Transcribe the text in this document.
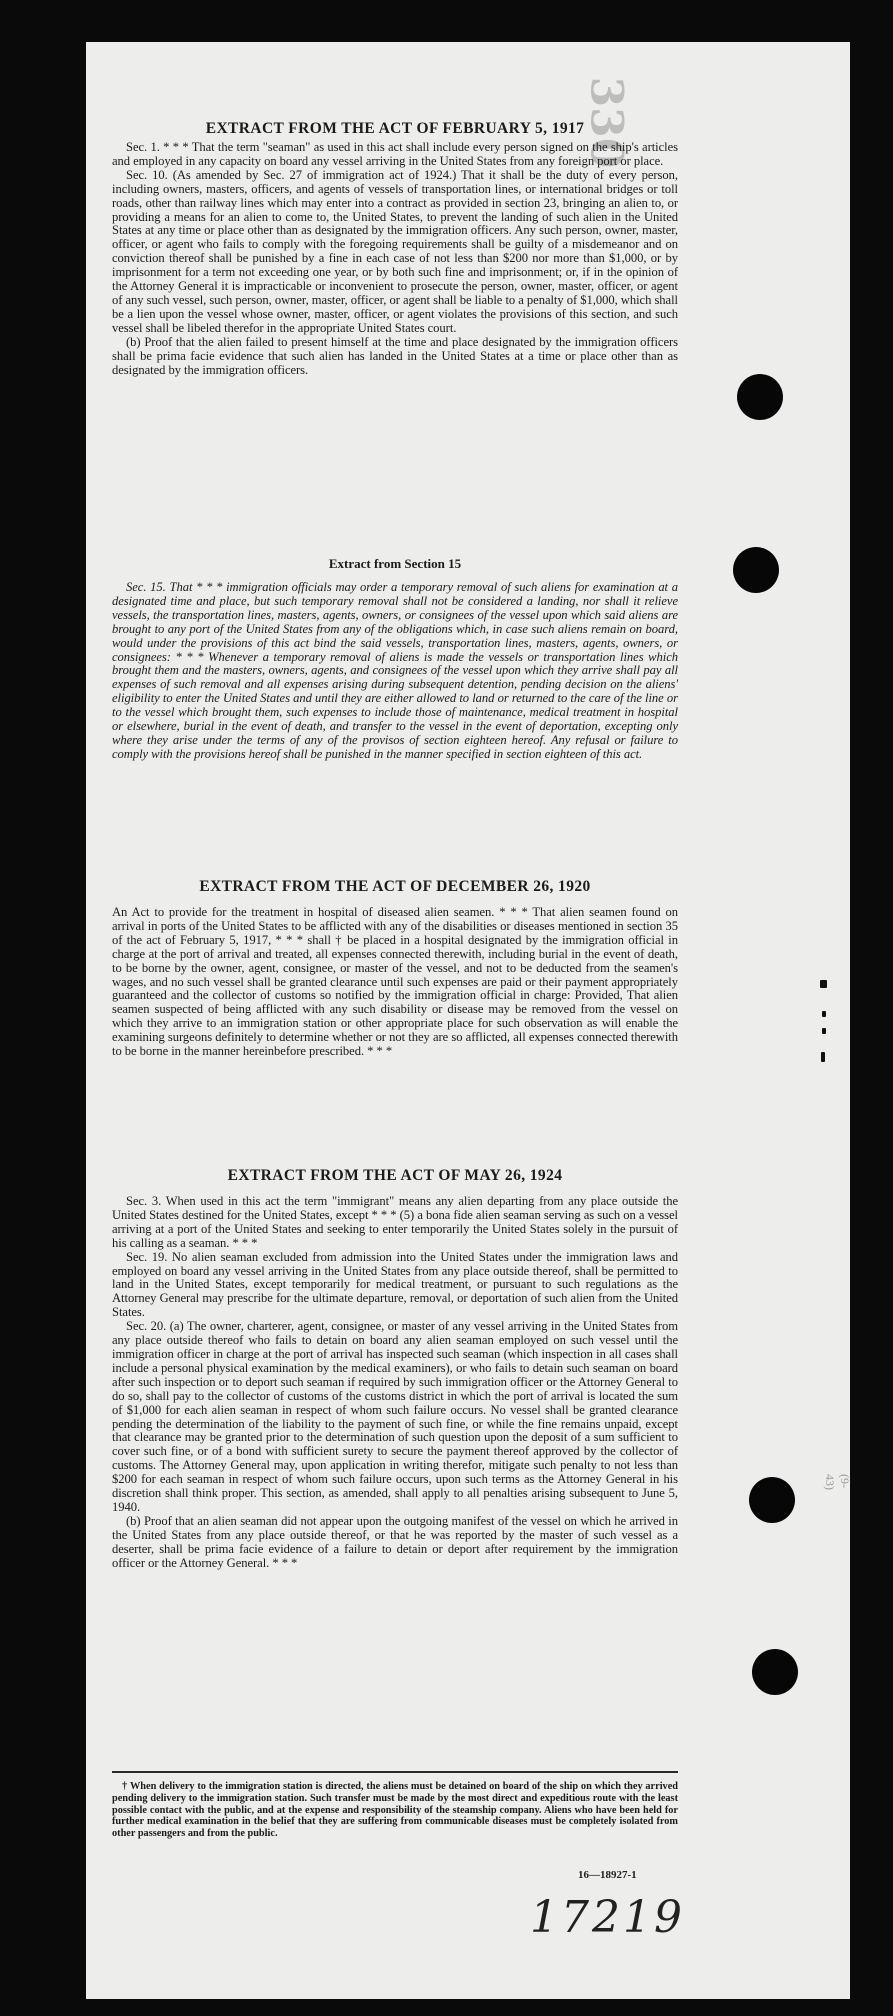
330
(9-43)

EXTRACT FROM THE ACT OF FEBRUARY 5, 1917

Sec. 1. * * * That the term "seaman" as used in this act shall include every person signed on the ship's articles and employed in any capacity on board any vessel arriving in the United States from any foreign port or place.

Sec. 10. (As amended by Sec. 27 of immigration act of 1924.) That it shall be the duty of every person, including owners, masters, officers, and agents of vessels of transportation lines, or international bridges or toll roads, other than railway lines which may enter into a contract as provided in section 23, bringing an alien to, or providing a means for an alien to come to, the United States, to prevent the landing of such alien in the United States at any time or place other than as designated by the immigration officers. Any such person, owner, master, officer, or agent who fails to comply with the foregoing requirements shall be guilty of a misdemeanor and on conviction thereof shall be punished by a fine in each case of not less than $200 nor more than $1,000, or by imprisonment for a term not exceeding one year, or by both such fine and imprisonment; or, if in the opinion of the Attorney General it is impracticable or inconvenient to prosecute the person, owner, master, officer, or agent of any such vessel, such person, owner, master, officer, or agent shall be liable to a penalty of $1,000, which shall be a lien upon the vessel whose owner, master, officer, or agent violates the provisions of this section, and such vessel shall be libeled therefor in the appropriate United States court.

(b) Proof that the alien failed to present himself at the time and place designated by the immigration officers shall be prima facie evidence that such alien has landed in the United States at a time or place other than as designated by the immigration officers.

Extract from Section 15

Sec. 15. That * * * immigration officials may order a temporary removal of such aliens for examination at a designated time and place, but such temporary removal shall not be considered a landing, nor shall it relieve vessels, the transportation lines, masters, agents, owners, or consignees of the vessel upon which said aliens are brought to any port of the United States from any of the obligations which, in case such aliens remain on board, would under the provisions of this act bind the said vessels, transportation lines, masters, agents, owners, or consignees: * * * Whenever a temporary removal of aliens is made the vessels or transportation lines which brought them and the masters, owners, agents, and consignees of the vessel upon which they arrive shall pay all expenses of such removal and all expenses arising during subsequent detention, pending decision on the aliens' eligibility to enter the United States and until they are either allowed to land or returned to the care of the line or to the vessel which brought them, such expenses to include those of maintenance, medical treatment in hospital or elsewhere, burial in the event of death, and transfer to the vessel in the event of deportation, excepting only where they arise under the terms of any of the provisos of section eighteen hereof. Any refusal or failure to comply with the provisions hereof shall be punished in the manner specified in section eighteen of this act.

EXTRACT FROM THE ACT OF DECEMBER 26, 1920

An Act to provide for the treatment in hospital of diseased alien seamen. * * * That alien seamen found on arrival in ports of the United States to be afflicted with any of the disabilities or diseases mentioned in section 35 of the act of February 5, 1917, * * * shall † be placed in a hospital designated by the immigration official in charge at the port of arrival and treated, all expenses connected therewith, including burial in the event of death, to be borne by the owner, agent, consignee, or master of the vessel, and not to be deducted from the seamen's wages, and no such vessel shall be granted clearance until such expenses are paid or their payment appropriately guaranteed and the collector of customs so notified by the immigration official in charge: Provided, That alien seamen suspected of being afflicted with any such disability or disease may be removed from the vessel on which they arrive to an immigration station or other appropriate place for such observation as will enable the examining surgeons definitely to determine whether or not they are so afflicted, all expenses connected therewith to be borne in the manner hereinbefore prescribed. * * *

EXTRACT FROM THE ACT OF MAY 26, 1924

Sec. 3. When used in this act the term "immigrant" means any alien departing from any place outside the United States destined for the United States, except * * * (5) a bona fide alien seaman serving as such on a vessel arriving at a port of the United States and seeking to enter temporarily the United States solely in the pursuit of his calling as a seaman. * * *

Sec. 19. No alien seaman excluded from admission into the United States under the immigration laws and employed on board any vessel arriving in the United States from any place outside thereof, shall be permitted to land in the United States, except temporarily for medical treatment, or pursuant to such regulations as the Attorney General may prescribe for the ultimate departure, removal, or deportation of such alien from the United States.

Sec. 20. (a) The owner, charterer, agent, consignee, or master of any vessel arriving in the United States from any place outside thereof who fails to detain on board any alien seaman employed on such vessel until the immigration officer in charge at the port of arrival has inspected such seaman (which inspection in all cases shall include a personal physical examination by the medical examiners), or who fails to detain such seaman on board after such inspection or to deport such seaman if required by such immigration officer or the Attorney General to do so, shall pay to the collector of customs of the customs district in which the port of arrival is located the sum of $1,000 for each alien seaman in respect of whom such failure occurs. No vessel shall be granted clearance pending the determination of the liability to the payment of such fine, or while the fine remains unpaid, except that clearance may be granted prior to the determination of such question upon the deposit of a sum sufficient to cover such fine, or of a bond with sufficient surety to secure the payment thereof approved by the collector of customs. The Attorney General may, upon application in writing therefor, mitigate such penalty to not less than $200 for each seaman in respect of whom such failure occurs, upon such terms as the Attorney General in his discretion shall think proper. This section, as amended, shall apply to all penalties arising subsequent to June 5, 1940.

(b) Proof that an alien seaman did not appear upon the outgoing manifest of the vessel on which he arrived in the United States from any place outside thereof, or that he was reported by the master of such vessel as a deserter, shall be prima facie evidence of a failure to detain or deport after requirement by the immigration officer or the Attorney General. * * *

† When delivery to the immigration station is directed, the aliens must be detained on board of the ship on which they arrived pending delivery to the immigration station. Such transfer must be made by the most direct and expeditious route with the least possible contact with the public, and at the expense and responsibility of the steamship company. Aliens who have been held for further medical examination in the belief that they are suffering from communicable diseases must be completely isolated from other passengers and from the public.

16—18927-1
17219
